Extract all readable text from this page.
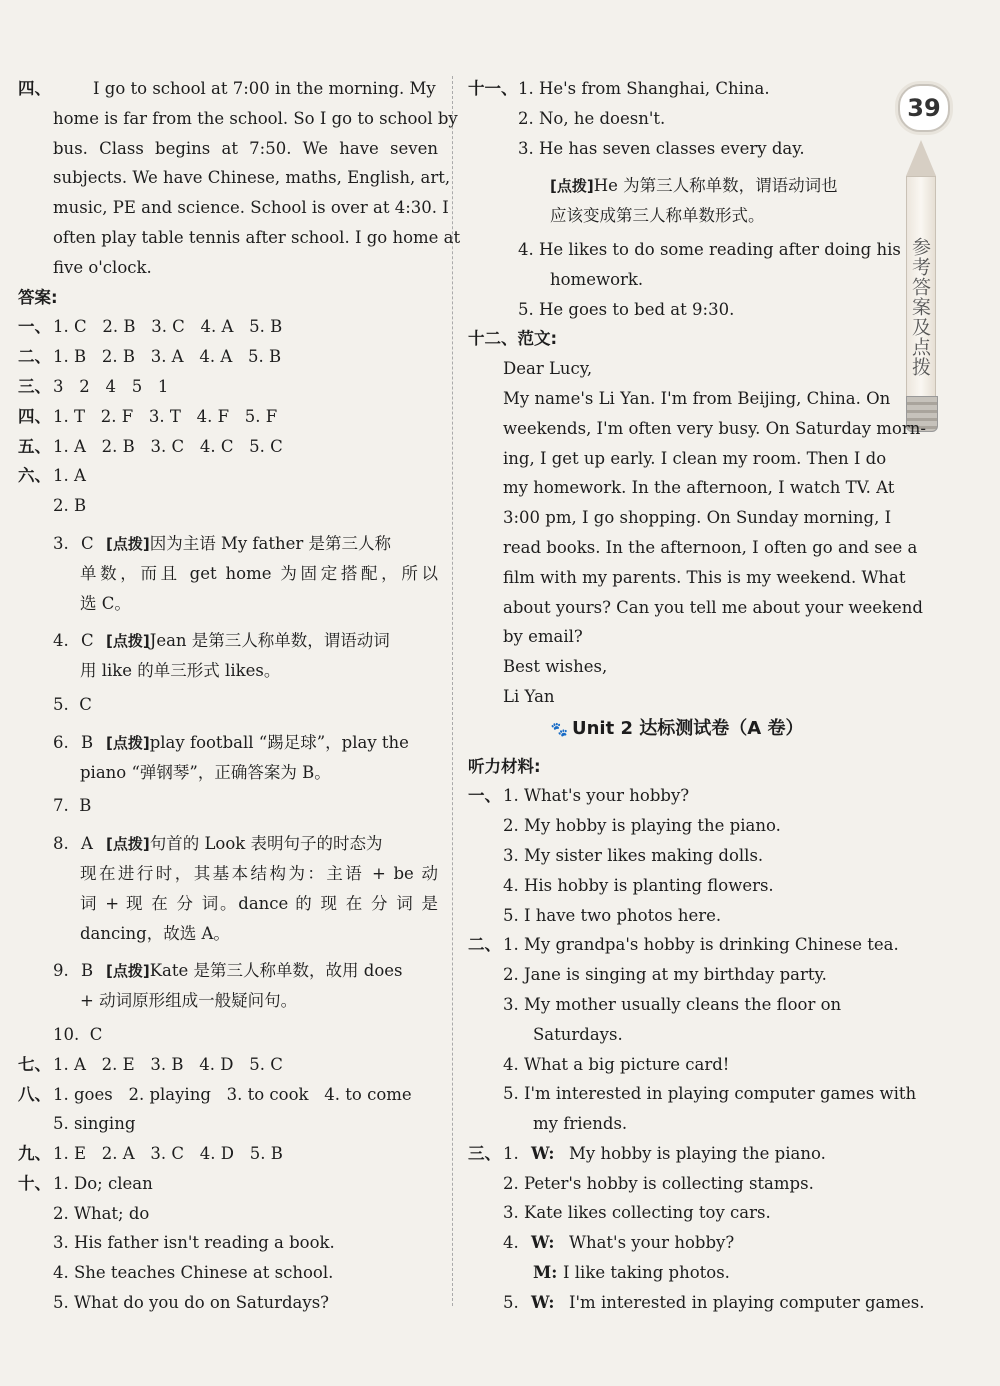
39
参考答案及点拨
四、	I go to school at 7:00 in the morning. My
home is far from the school. So I go to school by
bus. Class begins at 7:50. We have seven
subjects. We have Chinese, maths, English, art,
music, PE and science. School is over at 4:30. I
often play table tennis after school. I go home at
five o'clock.
答案:
一、 1. C   2. B   3. C   4. A   5. B
二、 1. B   2. B   3. A   4. A   5. B
三、 3   2   4   5   1
四、 1. T   2. F   3. T   4. F   5. F
五、 1. A   2. B   3. C   4. C   5. C
六、 1. A
2. B
3. C [点拨]因为主语 My father 是第三人称
单数，而且 get home 为固定搭配，所以
选 C。
4. C [点拨]Jean 是第三人称单数，谓语动词
用 like 的单三形式 likes。
5.  C
6. B [点拨]play football “踢足球”，play the
piano “弹钢琴”，正确答案为 B。
7.  B
8. A [点拨]句首的 Look 表明句子的时态为
现在进行时，其基本结构为：主语 + be 动
词 + 现 在 分 词。dance 的 现 在 分 词 是
dancing，故选 A。
9. B [点拨]Kate 是第三人称单数，故用 does
+ 动词原形组成一般疑问句。
10.  C
七、 1. A   2. E   3. B   4. D   5. C
八、 1. goes   2. playing   3. to cook   4. to come
5. singing
九、 1. E   2. A   3. C   4. D   5. B
十、 1. Do; clean
2. What; do
3. His father isn't reading a book.
4. She teaches Chinese at school.
5. What do you do on Saturdays?
十一、1. He's from Shanghai, China.
2. No, he doesn't.
3. He has seven classes every day.
[点拨]He 为第三人称单数，谓语动词也
应该变成第三人称单数形式。
4. He likes to do some reading after doing his
homework.
5. He goes to bed at 9:30.
十二、范文:
Dear Lucy,
My name's Li Yan. I'm from Beijing, China. On
weekends, I'm often very busy. On Saturday morn-
ing, I get up early. I clean my room. Then I do
my homework. In the afternoon, I watch TV. At
3:00 pm, I go shopping. On Sunday morning, I
read books. In the afternoon, I often go and see a
film with my parents. This is my weekend. What
about yours? Can you tell me about your weekend
by email?
Best wishes,
Li Yan
🐾 Unit 2 达标测试卷（A 卷）
听力材料:
一、 1. What's your hobby?
2. My hobby is playing the piano.
3. My sister likes making dolls.
4. His hobby is planting flowers.
5. I have two photos here.
二、 1. My grandpa's hobby is drinking Chinese tea.
2. Jane is singing at my birthday party.
3. My mother usually cleans the floor on
Saturdays.
4. What a big picture card!
5. I'm interested in playing computer games with
my friends.
三、 1. W: My hobby is playing the piano.
2. Peter's hobby is collecting stamps.
3. Kate likes collecting toy cars.
4. W: What's your hobby?
M: I like taking photos.
5. W: I'm interested in playing computer games.
